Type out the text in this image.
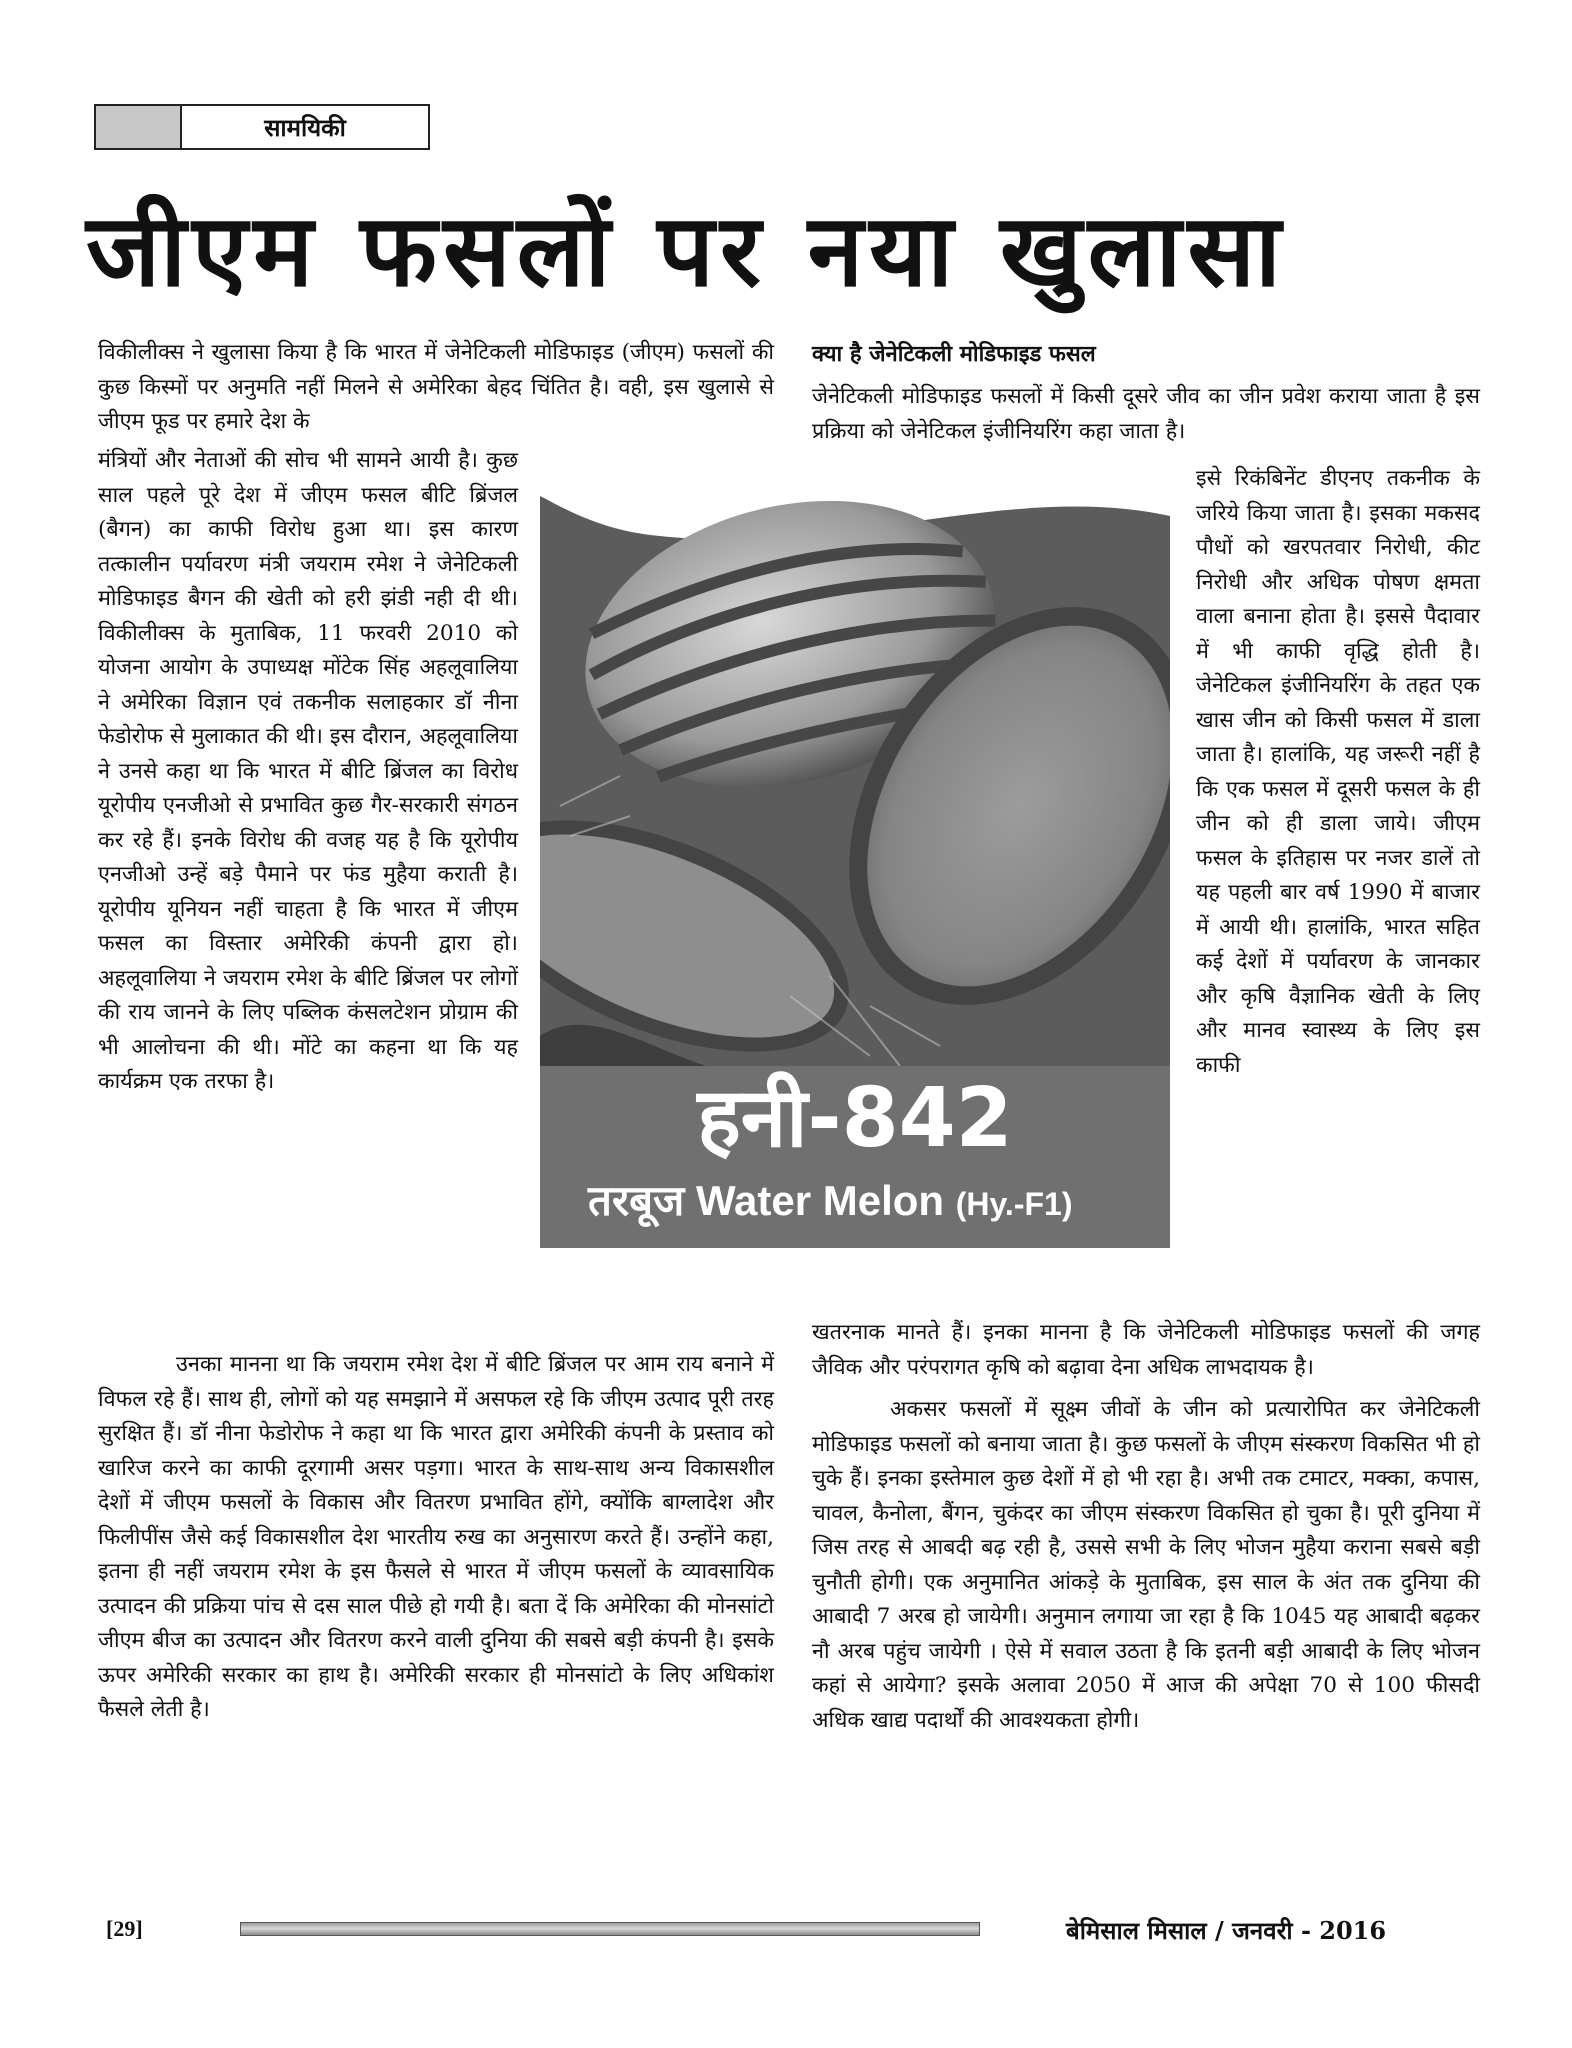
सामयिकी
जीएम फसलों पर नया खुलासा

विकीलीक्स ने खुलासा किया है कि भारत में जेनेटिकली मोडिफाइड (जीएम) फसलों की कुछ किस्मों पर अनुमति नहीं मिलने से अमेरिका बेहद चिंतित है। वही, इस खुलासे से जीएम फूड पर हमारे देश के

मंत्रियों और नेताओं की सोच भी सामने आयी है। कुछ साल पहले पूरे देश में जीएम फसल बीटि ब्रिंजल (बैगन) का काफी विरोध हुआ था। इस कारण तत्कालीन पर्यावरण मंत्री जयराम रमेश ने जेनेटिकली मोडिफाइड बैगन की खेती को हरी झंडी नही दी थी। विकीलीक्स के मुताबिक, 11 फरवरी 2010 को योजना आयोग के उपाध्यक्ष मोंटेक सिंह अहलूवालिया ने अमेरिका विज्ञान एवं तकनीक सलाहकार डॉ नीना फेडोरोफ से मुलाकात की थी। इस दौरान, अहलूवालिया ने उनसे कहा था कि भारत में बीटि ब्रिंजल का विरोध यूरोपीय एनजीओ से प्रभावित कुछ गैर-सरकारी संगठन कर रहे हैं। इनके विरोध की वजह यह है कि यूरोपीय एनजीओ उन्हें बड़े पैमाने पर फंड मुहैया कराती है। यूरोपीय यूनियन नहीं चाहता है कि भारत में जीएम फसल का विस्तार अमेरिकी कंपनी द्वारा हो। अहलूवालिया ने जयराम रमेश के बीटि ब्रिंजल पर लोगों की राय जानने के लिए पब्लिक कंसलटेशन प्रोग्राम की भी आलोचना की थी। मोंटे का कहना था कि यह कार्यक्रम एक तरफा है।

उनका मानना था कि जयराम रमेश देश में बीटि ब्रिंजल पर आम राय बनाने में विफल रहे हैं। साथ ही, लोगों को यह समझाने में असफल रहे कि जीएम उत्पाद पूरी तरह सुरक्षित हैं। डॉ नीना फेडोरोफ ने कहा था कि भारत द्वारा अमेरिकी कंपनी के प्रस्ताव को खारिज करने का काफी दूरगामी असर पड़गा। भारत के साथ-साथ अन्य विकासशील देशों में जीएम फसलों के विकास और वितरण प्रभावित होंगे, क्योंकि बाग्लादेश और फिलीपींस जैसे कई विकासशील देश भारतीय रुख का अनुसारण करते हैं। उन्होंने कहा, इतना ही नहीं जयराम रमेश के इस फैसले से भारत में जीएम फसलों के व्यावसायिक उत्पादन की प्रक्रिया पांच से दस साल पीछे हो गयी है। बता दें कि अमेरिका की मोनसांटो जीएम बीज का उत्पादन और वितरण करने वाली दुनिया की सबसे बड़ी कंपनी है। इसके ऊपर अमेरिकी सरकार का हाथ है। अमेरिकी सरकार ही मोनसांटो के लिए अधिकांश फैसले लेती है।

क्या है जेनेटिकली मोडिफाइड फसल

जेनेटिकली मोडिफाइड फसलों में किसी दूसरे जीव का जीन प्रवेश कराया जाता है इस प्रक्रिया को जेनेटिकल इंजीनियरिंग कहा जाता है।

इसे रिकंबिनेंट डीएनए तकनीक के जरिये किया जाता है। इसका मकसद पौधों को खरपतवार निरोधी, कीट निरोधी और अधिक पोषण क्षमता वाला बनाना होता है। इससे पैदावार में भी काफी वृद्धि होती है। जेनेटिकल इंजीनियरिंग के तहत एक खास जीन को किसी फसल में डाला जाता है। हालांकि, यह जरूरी नहीं है कि एक फसल में दूसरी फसल के ही जीन को ही डाला जाये। जीएम फसल के इतिहास पर नजर डालें तो यह पहली बार वर्ष 1990 में बाजार में आयी थी। हालांकि, भारत सहित कई देशों में पर्यावरण के जानकार और कृषि वैज्ञानिक खेती के लिए और मानव स्वास्थ्य के लिए इस काफी

खतरनाक मानते हैं। इनका मानना है कि जेनेटिकली मोडिफाइड फसलों की जगह जैविक और परंपरागत कृषि को बढ़ावा देना अधिक लाभदायक है।

अकसर फसलों में सूक्ष्म जीवों के जीन को प्रत्यारोपित कर जेनेटिकली मोडिफाइड फसलों को बनाया जाता है। कुछ फसलों के जीएम संस्करण विकसित भी हो चुके हैं। इनका इस्तेमाल कुछ देशों में हो भी रहा है। अभी तक टमाटर, मक्का, कपास, चावल, कैनोला, बैंगन, चुकंदर का जीएम संस्करण विकसित हो चुका है। पूरी दुनिया में जिस तरह से आबदी बढ़ रही है, उससे सभी के लिए भोजन मुहैया कराना सबसे बड़ी चुनौती होगी। एक अनुमानित आंकड़े के मुताबिक, इस साल के अंत तक दुनिया की आबादी 7 अरब हो जायेगी। अनुमान लगाया जा रहा है कि 1045 यह आबादी बढ़कर नौ अरब पहुंच जायेगी । ऐसे में सवाल उठता है कि इतनी बड़ी आबादी के लिए भोजन कहां से आयेगा? इसके अलावा 2050 में आज की अपेक्षा 70 से 100 फीसदी अधिक खाद्य पदार्थों की आवश्यकता होगी।

हनी-842
तरबूज Water Melon (Hy.-F1)
[29]	बेमिसाल मिसाल / जनवरी - 2016
